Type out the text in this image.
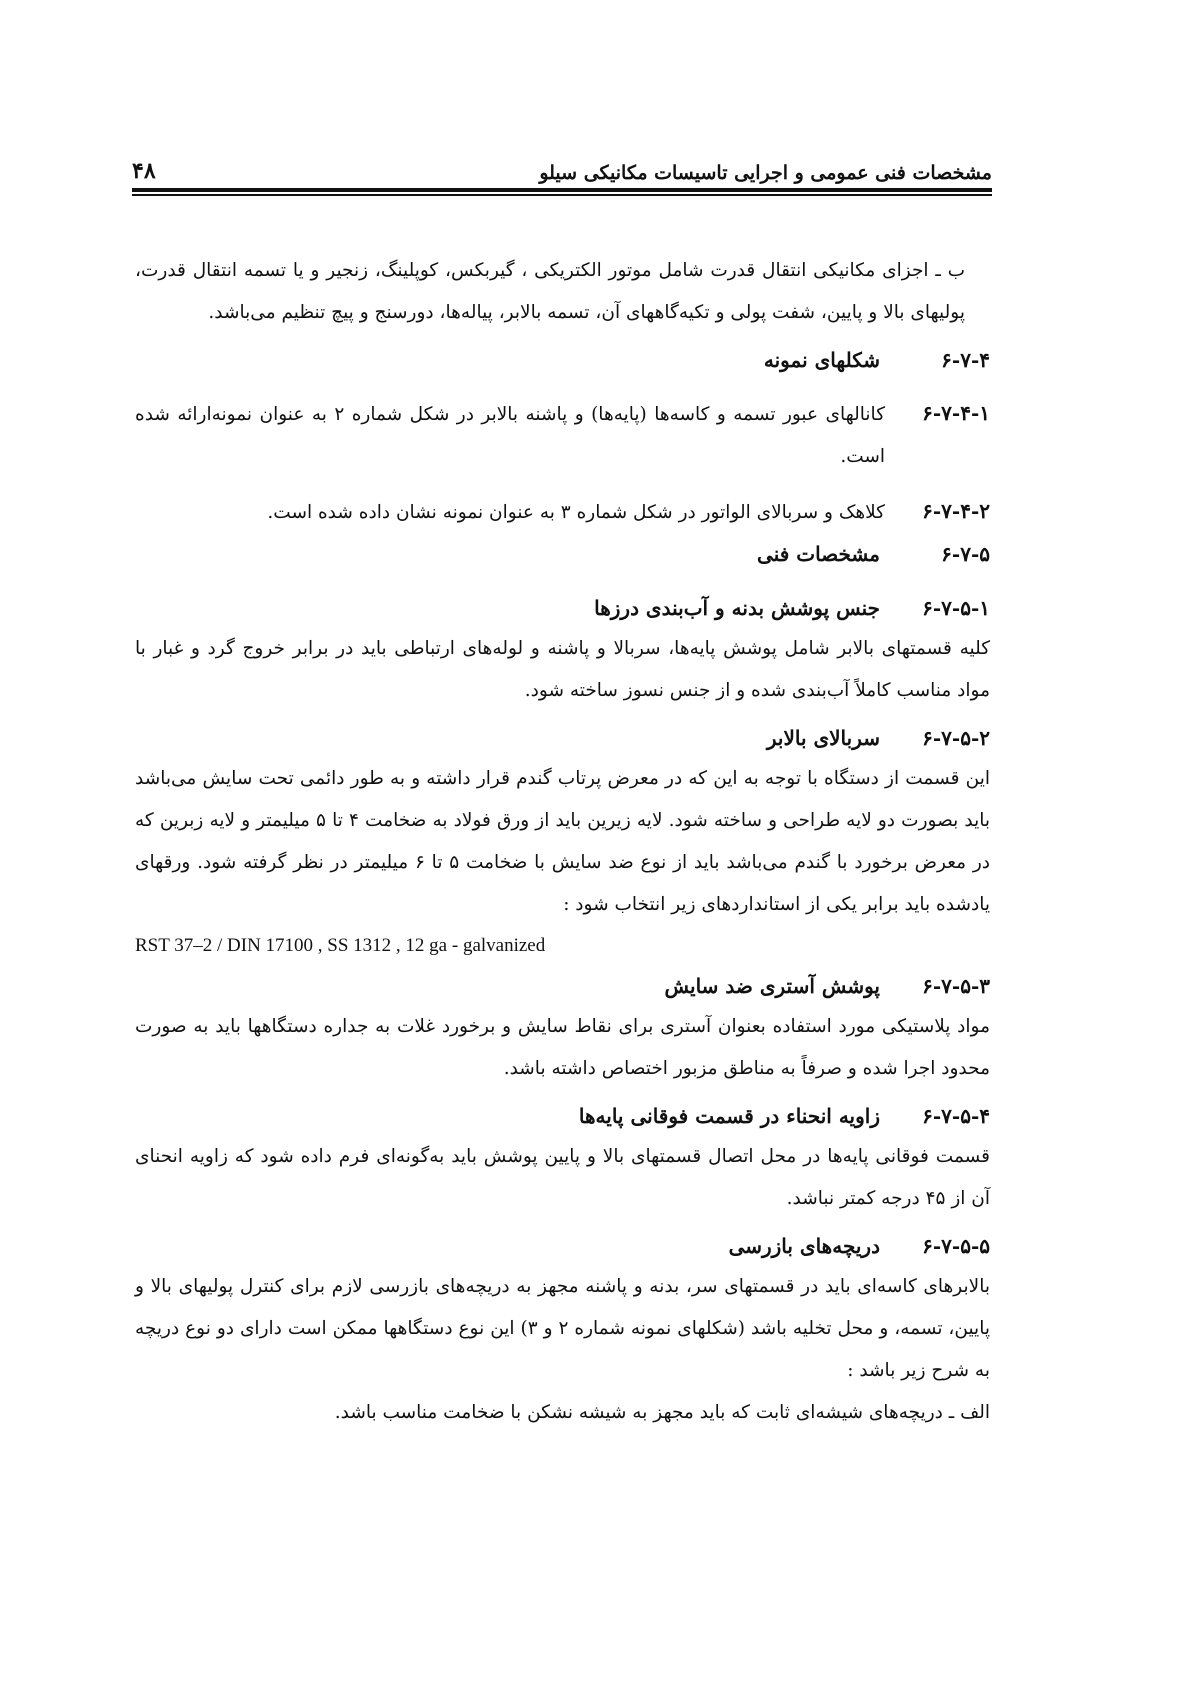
مشخصات فنی عمومی و اجرایی تاسیسات مکانیکی سیلو
۴۸

ب ـ اجزای مکانیکی انتقال قدرت شامل موتور الکتریکی ، گیربکس، کوپلینگ، زنجیر و یا تسمه انتقال قدرت، پولیهای بالا و پایین، شفت پولی و تکیه‌گاههای آن، تسمه بالابر، پیاله‌ها، دورسنج و پیچ تنظیم می‌باشد.

۶-۷-۴
شکلهای نمونه
۶-۷-۴-۱
کانالهای عبور تسمه و کاسه‌ها (پایه‌ها) و پاشنه بالابر در شکل شماره ۲ به عنوان نمونه‌ارائه شده است.
۶-۷-۴-۲
کلاهک و سربالای الواتور در شکل شماره ۳ به عنوان نمونه نشان داده شده است.
۶-۷-۵
مشخصات فنی
۶-۷-۵-۱
جنس پوشش بدنه و آب‌بندی درزها

کلیه قسمتهای بالابر شامل پوشش پایه‌ها، سربالا و پاشنه و لوله‌های ارتباطی باید در برابر خروج گرد و غبار با مواد مناسب کاملاً آب‌بندی شده و از جنس نسوز ساخته شود.

۶-۷-۵-۲
سربالای بالابر

این قسمت از دستگاه با توجه به این که در معرض پرتاب گندم قرار داشته و به طور دائمی تحت سایش می‌باشد باید بصورت دو لایه طراحی و ساخته شود. لایه زیرین باید از ورق فولاد به ضخامت ۴ تا ۵ میلیمتر و لایه زبرین که در معرض برخورد با گندم می‌باشد باید از نوع ضد سایش با ضخامت ۵ تا ۶ میلیمتر در نظر گرفته شود. ورقهای یادشده باید برابر یکی از استانداردهای زیر انتخاب شود :

RST 37–2 / DIN 17100 , SS 1312 , 12 ga - galvanized

۶-۷-۵-۳
پوشش آستری ضد سایش

مواد پلاستیکی مورد استفاده بعنوان آستری برای نقاط سایش و برخورد غلات به جداره دستگاهها باید به صورت محدود اجرا شده و صرفاً به مناطق مزبور اختصاص داشته باشد.

۶-۷-۵-۴
زاویه انحناء در قسمت فوقانی پایه‌ها

قسمت فوقانی پایه‌ها در محل اتصال قسمتهای بالا و پایین پوشش باید به‌گونه‌ای فرم داده شود که زاویه انحنای آن از ۴۵ درجه کمتر نباشد.

۶-۷-۵-۵
دریچه‌های بازرسی

بالابرهای کاسه‌ای باید در قسمتهای سر، بدنه و پاشنه مجهز به دریچه‌های بازرسی لازم برای کنترل پولیهای بالا و پایین، تسمه، و محل تخلیه باشد (شکلهای نمونه شماره ۲ و ۳) این نوع دستگاهها ممکن است دارای دو نوع دریچه به شرح زیر باشد :

الف ـ دریچه‌های شیشه‌ای ثابت که باید مجهز به شیشه نشکن با ضخامت مناسب باشد.
